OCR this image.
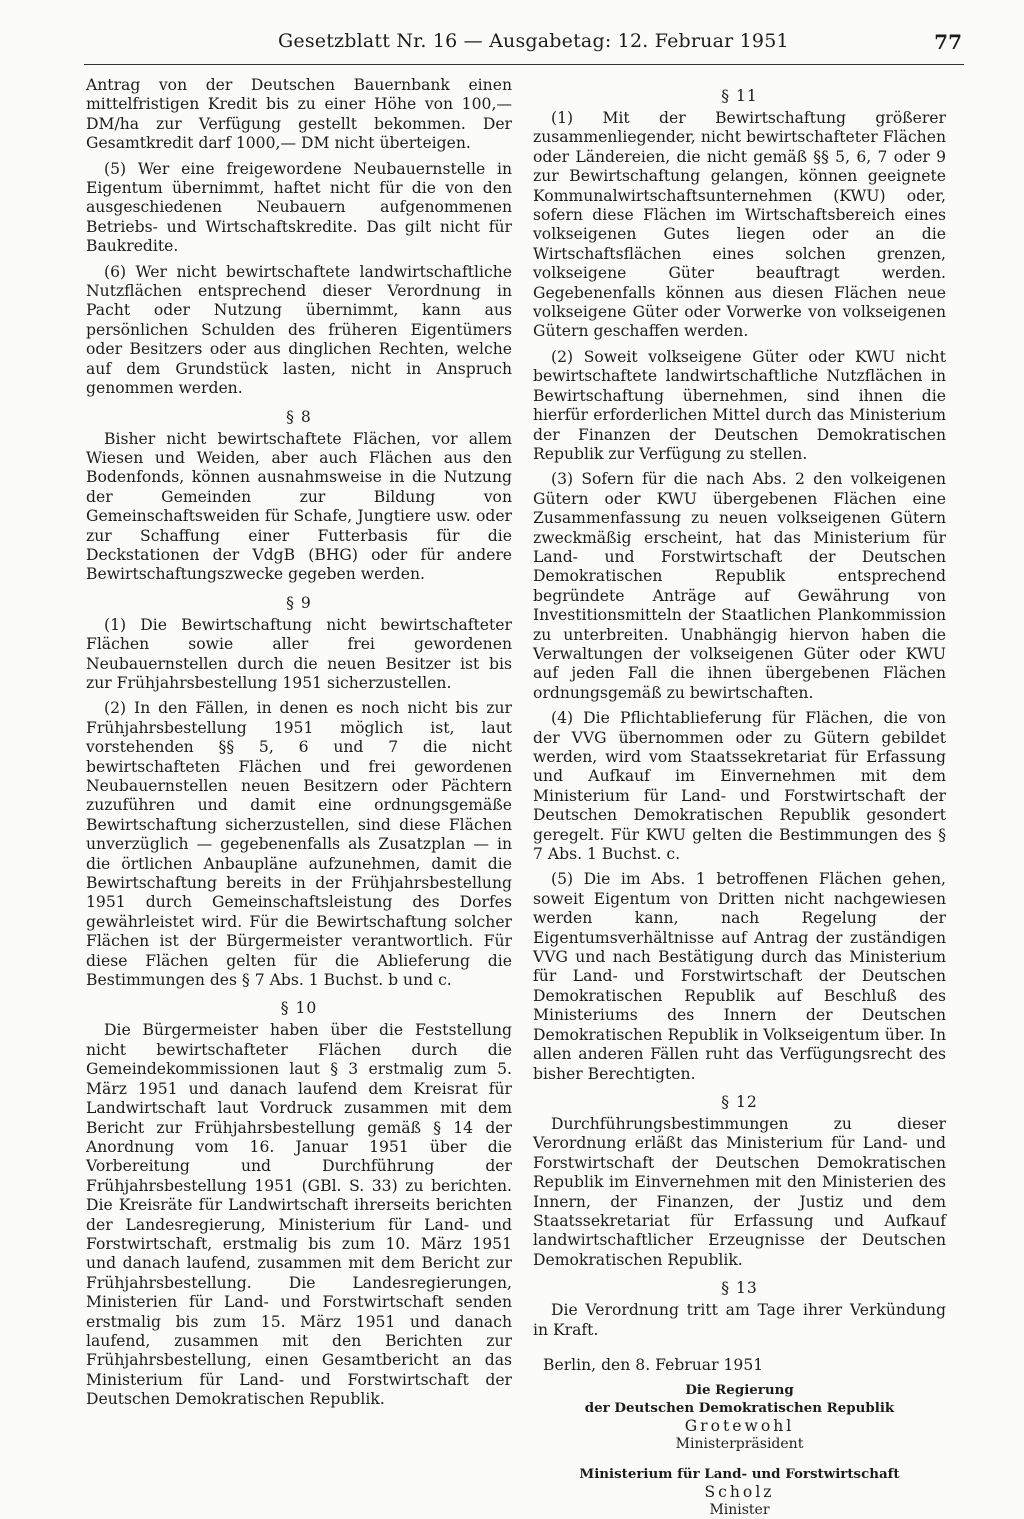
Gesetzblatt Nr. 16 — Ausgabetag: 12. Februar 1951	77

Antrag von der Deutschen Bauernbank einen mittelfristigen Kredit bis zu einer Höhe von 100,— DM/ha zur Verfügung gestellt bekommen. Der Gesamtkredit darf 1000,— DM nicht überteigen.

(5) Wer eine freigewordene Neubauernstelle in Eigentum übernimmt, haftet nicht für die von den ausgeschiedenen Neubauern aufgenommenen Betriebs- und Wirtschaftskredite. Das gilt nicht für Baukredite.

(6) Wer nicht bewirtschaftete landwirtschaftliche Nutzflächen entsprechend dieser Verordnung in Pacht oder Nutzung übernimmt, kann aus persönlichen Schulden des früheren Eigentümers oder Besitzers oder aus dinglichen Rechten, welche auf dem Grundstück lasten, nicht in Anspruch genommen werden.

§ 8

Bisher nicht bewirtschaftete Flächen, vor allem Wiesen und Weiden, aber auch Flächen aus den Bodenfonds, können ausnahmsweise in die Nutzung der Gemeinden zur Bildung von Gemeinschaftsweiden für Schafe, Jungtiere usw. oder zur Schaffung einer Futterbasis für die Deckstationen der VdgB (BHG) oder für andere Bewirtschaftungszwecke gegeben werden.

§ 9

(1) Die Bewirtschaftung nicht bewirtschafteter Flächen sowie aller frei gewordenen Neubauernstellen durch die neuen Besitzer ist bis zur Frühjahrsbestellung 1951 sicherzustellen.

(2) In den Fällen, in denen es noch nicht bis zur Frühjahrsbestellung 1951 möglich ist, laut vorstehenden §§ 5, 6 und 7 die nicht bewirtschafteten Flächen und frei gewordenen Neubauernstellen neuen Besitzern oder Pächtern zuzuführen und damit eine ordnungsgemäße Bewirtschaftung sicherzustellen, sind diese Flächen unverzüglich — gegebenenfalls als Zusatzplan — in die örtlichen Anbaupläne aufzunehmen, damit die Bewirtschaftung bereits in der Frühjahrsbestellung 1951 durch Gemeinschaftsleistung des Dorfes gewährleistet wird. Für die Bewirtschaftung solcher Flächen ist der Bürgermeister verantwortlich. Für diese Flächen gelten für die Ablieferung die Bestimmungen des § 7 Abs. 1 Buchst. b und c.

§ 10

Die Bürgermeister haben über die Feststellung nicht bewirtschafteter Flächen durch die Gemeindekommissionen laut § 3 erstmalig zum 5. März 1951 und danach laufend dem Kreisrat für Landwirtschaft laut Vordruck zusammen mit dem Bericht zur Frühjahrsbestellung gemäß § 14 der Anordnung vom 16. Januar 1951 über die Vorbereitung und Durchführung der Frühjahrsbestellung 1951 (GBl. S. 33) zu berichten. Die Kreisräte für Landwirtschaft ihrerseits berichten der Landesregierung, Ministerium für Land- und Forstwirtschaft, erstmalig bis zum 10. März 1951 und danach laufend, zusammen mit dem Bericht zur Frühjahrsbestellung. Die Landesregierungen, Ministerien für Land- und Forstwirtschaft senden erstmalig bis zum 15. März 1951 und danach laufend, zusammen mit den Berichten zur Frühjahrsbestellung, einen Gesamtbericht an das Ministerium für Land- und Forstwirtschaft der Deutschen Demokratischen Republik.

§ 11

(1) Mit der Bewirtschaftung größerer zusammenliegender, nicht bewirtschafteter Flächen oder Ländereien, die nicht gemäß §§ 5, 6, 7 oder 9 zur Bewirtschaftung gelangen, können geeignete Kommunalwirtschaftsunternehmen (KWU) oder, sofern diese Flächen im Wirtschaftsbereich eines volkseigenen Gutes liegen oder an die Wirtschaftsflächen eines solchen grenzen, volkseigene Güter beauftragt werden. Gegebenenfalls können aus diesen Flächen neue volkseigene Güter oder Vorwerke von volkseigenen Gütern geschaffen werden.

(2) Soweit volkseigene Güter oder KWU nicht bewirtschaftete landwirtschaftliche Nutzflächen in Bewirtschaftung übernehmen, sind ihnen die hierfür erforderlichen Mittel durch das Ministerium der Finanzen der Deutschen Demokratischen Republik zur Verfügung zu stellen.

(3) Sofern für die nach Abs. 2 den volkeigenen Gütern oder KWU übergebenen Flächen eine Zusammenfassung zu neuen volkseigenen Gütern zweckmäßig erscheint, hat das Ministerium für Land- und Forstwirtschaft der Deutschen Demokratischen Republik entsprechend begründete Anträge auf Gewährung von Investitionsmitteln der Staatlichen Plankommission zu unterbreiten. Unabhängig hiervon haben die Verwaltungen der volkseigenen Güter oder KWU auf jeden Fall die ihnen übergebenen Flächen ordnungsgemäß zu bewirtschaften.

(4) Die Pflichtablieferung für Flächen, die von der VVG übernommen oder zu Gütern gebildet werden, wird vom Staatssekretariat für Erfassung und Aufkauf im Einvernehmen mit dem Ministerium für Land- und Forstwirtschaft der Deutschen Demokratischen Republik gesondert geregelt. Für KWU gelten die Bestimmungen des § 7 Abs. 1 Buchst. c.

(5) Die im Abs. 1 betroffenen Flächen gehen, soweit Eigentum von Dritten nicht nachgewiesen werden kann, nach Regelung der Eigentumsverhältnisse auf Antrag der zuständigen VVG und nach Bestätigung durch das Ministerium für Land- und Forstwirtschaft der Deutschen Demokratischen Republik auf Beschluß des Ministeriums des Innern der Deutschen Demokratischen Republik in Volkseigentum über. In allen anderen Fällen ruht das Verfügungsrecht des bisher Berechtigten.

§ 12

Durchführungsbestimmungen zu dieser Verordnung erläßt das Ministerium für Land- und Forstwirtschaft der Deutschen Demokratischen Republik im Einvernehmen mit den Ministerien des Innern, der Finanzen, der Justiz und dem Staatssekretariat für Erfassung und Aufkauf landwirtschaftlicher Erzeugnisse der Deutschen Demokratischen Republik.

§ 13

Die Verordnung tritt am Tage ihrer Verkündung in Kraft.

Berlin, den 8. Februar 1951

Die Regierung
der Deutschen Demokratischen Republik
Grotewohl
Ministerpräsident
Ministerium für Land- und Forstwirtschaft
Scholz
Minister
